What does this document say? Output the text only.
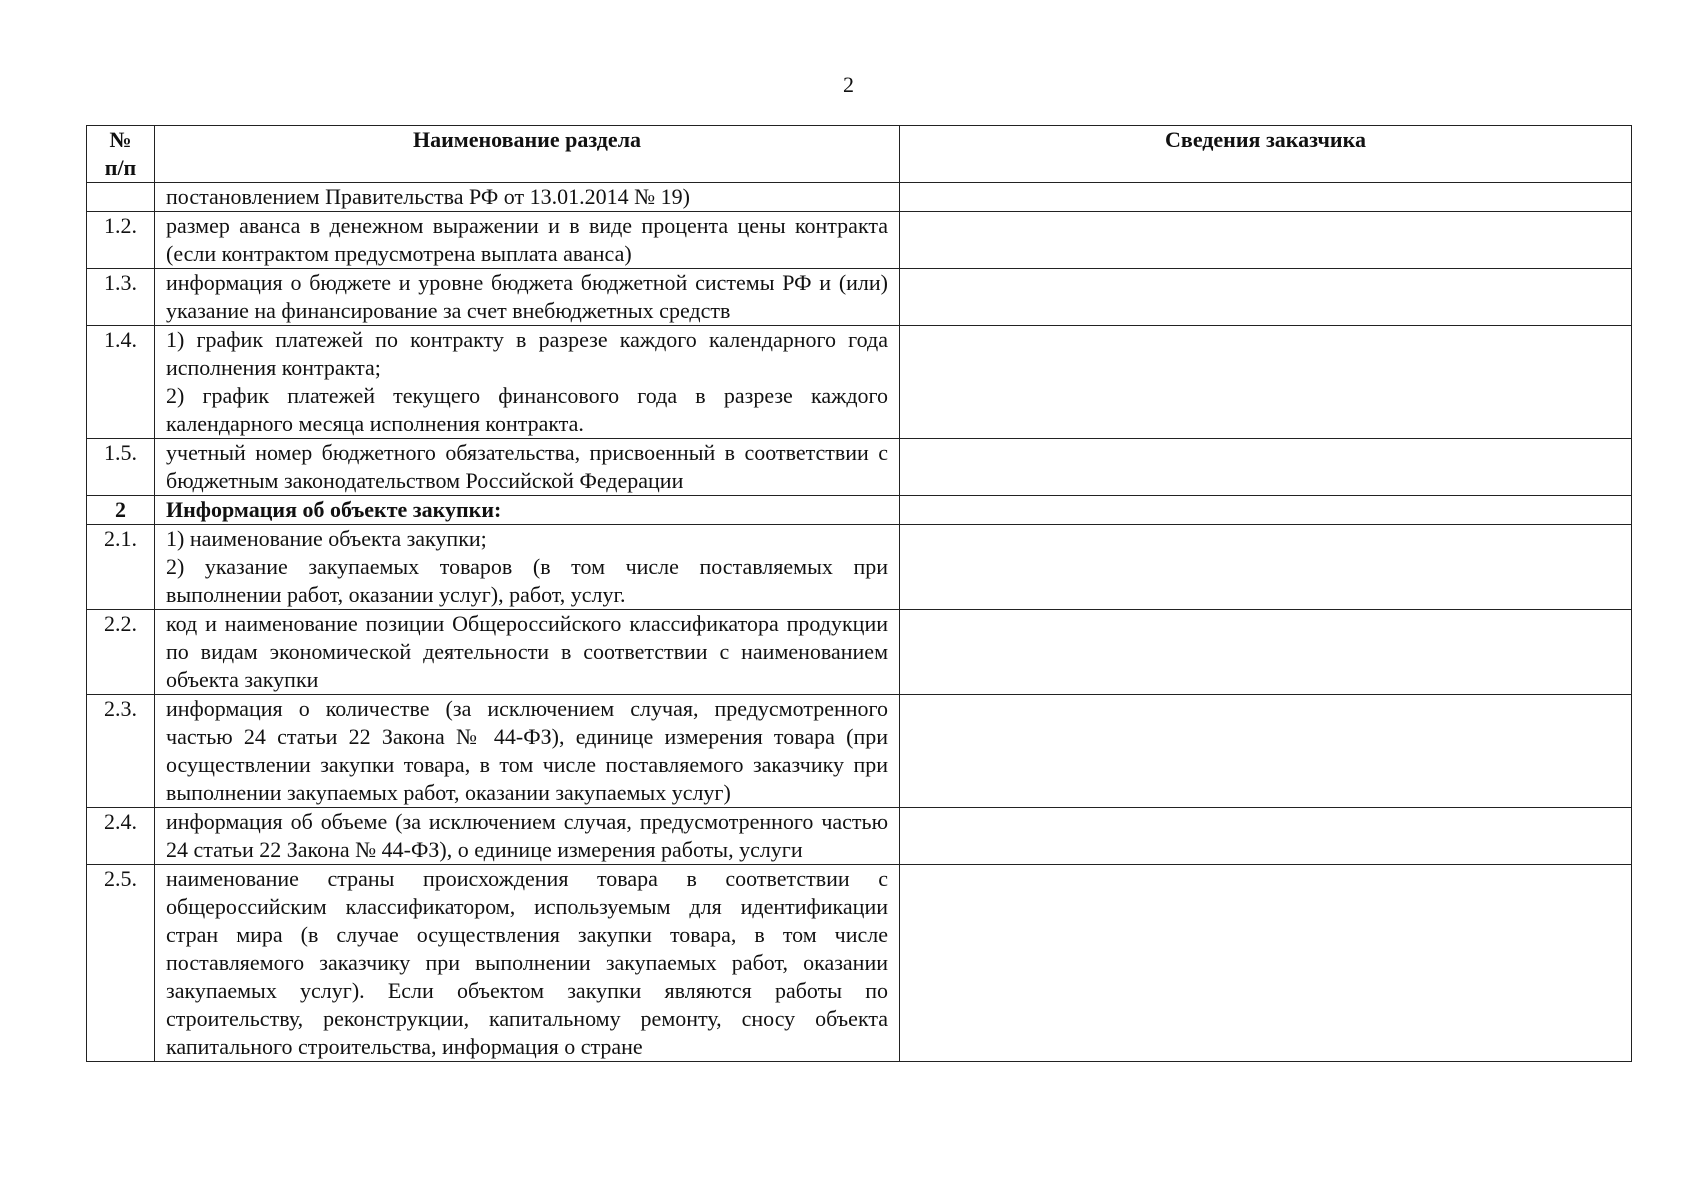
2
№
п/п	Наименование раздела	Сведения заказчика

	постановлением Правительства РФ от 13.01.2014 № 19)	

1.2.	размер аванса в денежном выражении и в виде процента цены контракта (если контрактом предусмотрена выплата аванса)	

1.3.	информация о бюджете и уровне бюджета бюджетной системы РФ и (или) указание на финансирование за счет внебюджетных средств	

1.4.	1) график платежей по контракту в разрезе каждого календарного года исполнения контракта;

2) график платежей текущего финансового года в разрезе каждого календарного месяца исполнения контракта.	

1.5.	учетный номер бюджетного обязательства, присвоенный в соответствии с бюджетным законодательством Российской Федерации	

2	Информация об объекте закупки:	

2.1.	1) наименование объекта закупки;

2) указание закупаемых товаров (в том числе поставляемых при выполнении работ, оказании услуг), работ, услуг.	

2.2.	код и наименование позиции Общероссийского классификатора продукции по видам экономической деятельности в соответствии с наименованием объекта закупки	

2.3.	информация о количестве (за исключением случая, предусмотренного частью 24 статьи 22 Закона № 44-ФЗ), единице измерения товара (при осуществлении закупки товара, в том числе поставляемого заказчику при выполнении закупаемых работ, оказании закупаемых услуг)	

2.4.	информация об объеме (за исключением случая, предусмотренного частью 24 статьи 22 Закона № 44-ФЗ), о единице измерения работы, услуги	

2.5.	наименование страны происхождения товара в соответствии с общероссийским классификатором, используемым для идентификации стран мира (в случае осуществления закупки товара, в том числе поставляемого заказчику при выполнении закупаемых работ, оказании закупаемых услуг). Если объектом закупки являются работы по строительству, реконструкции, капитальному ремонту, сносу объекта капитального строительства, информация о стране	
